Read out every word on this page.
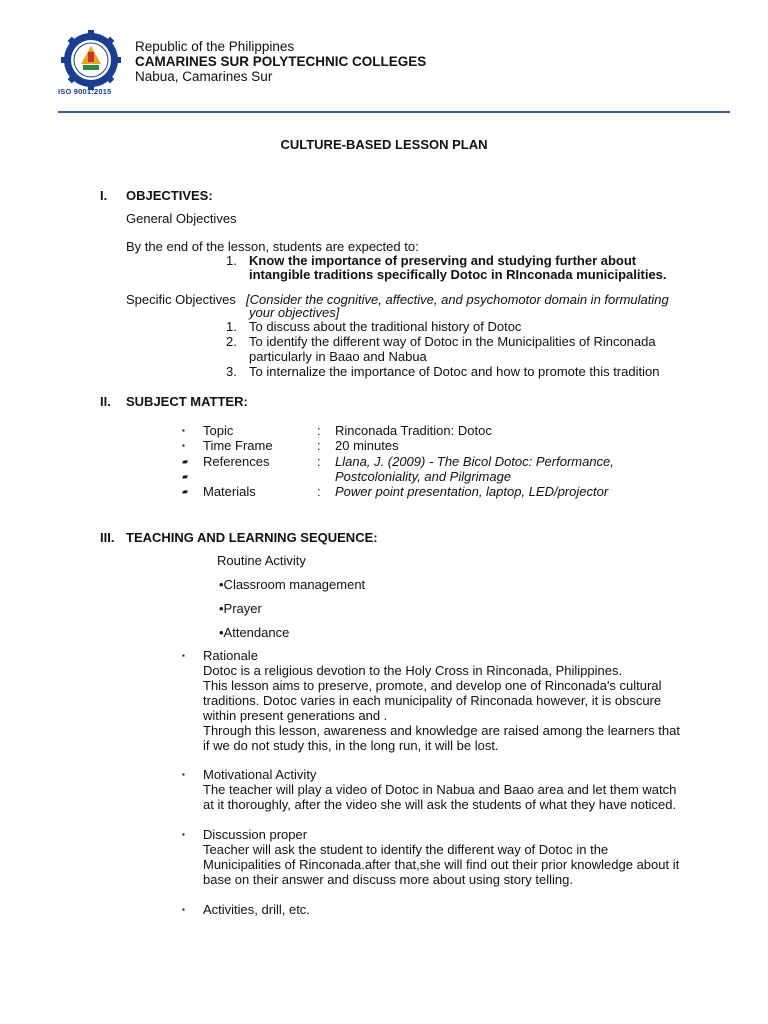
ISO 9001:2015
Republic of the Philippines
CAMARINES SUR POLYTECHNIC COLLEGES
Nabua, Camarines Sur
CULTURE-BASED LESSON PLAN
I. OBJECTIVES:
General Objectives
By the end of the lesson, students are expected to:
1. Know the importance of preserving and studying further about
intangible traditions specifically Dotoc in RInconada municipalities.
Specific Objectives [Consider the cognitive, affective, and psychomotor domain in formulating
your objectives]
1. To discuss about the traditional history of Dotoc
2. To identify the different way of Dotoc in the Municipalities of Rinconada
particularly in Baao and Nabua
3. To internalize the importance of Dotoc and how to promote this tradition
II. SUBJECT MATTER:
▪ Topic	: Rinconada Tradition: Dotoc
▪ Time Frame	: 20 minutes
▰ References	: Llana, J. (2009) - The Bicol Dotoc: Performance,
▰	Postcoloniality, and Pilgrimage
▰ Materials	: Power point presentation, laptop, LED/projector
III. TEACHING AND LEARNING SEQUENCE:
Routine Activity
•Classroom management
•Prayer
•Attendance
▪ Rationale
Dotoc is a religious devotion to the Holy Cross in Rinconada, Philippines.
This lesson aims to preserve, promote, and develop one of Rinconada's cultural
traditions. Dotoc varies in each municipality of Rinconada however, it is obscure
within present generations and .
Through this lesson, awareness and knowledge are raised among the learners that
if we do not study this, in the long run, it will be lost.
▪ Motivational Activity
The teacher will play a video of Dotoc in Nabua and Baao area and let them watch
at it thoroughly, after the video she will ask the students of what they have noticed.
▪ Discussion proper
Teacher will ask the student to identify the different way of Dotoc in the
Municipalities of Rinconada.after that,she will find out their prior knowledge about it
base on their answer and discuss more about using story telling.
▪ Activities, drill, etc.
